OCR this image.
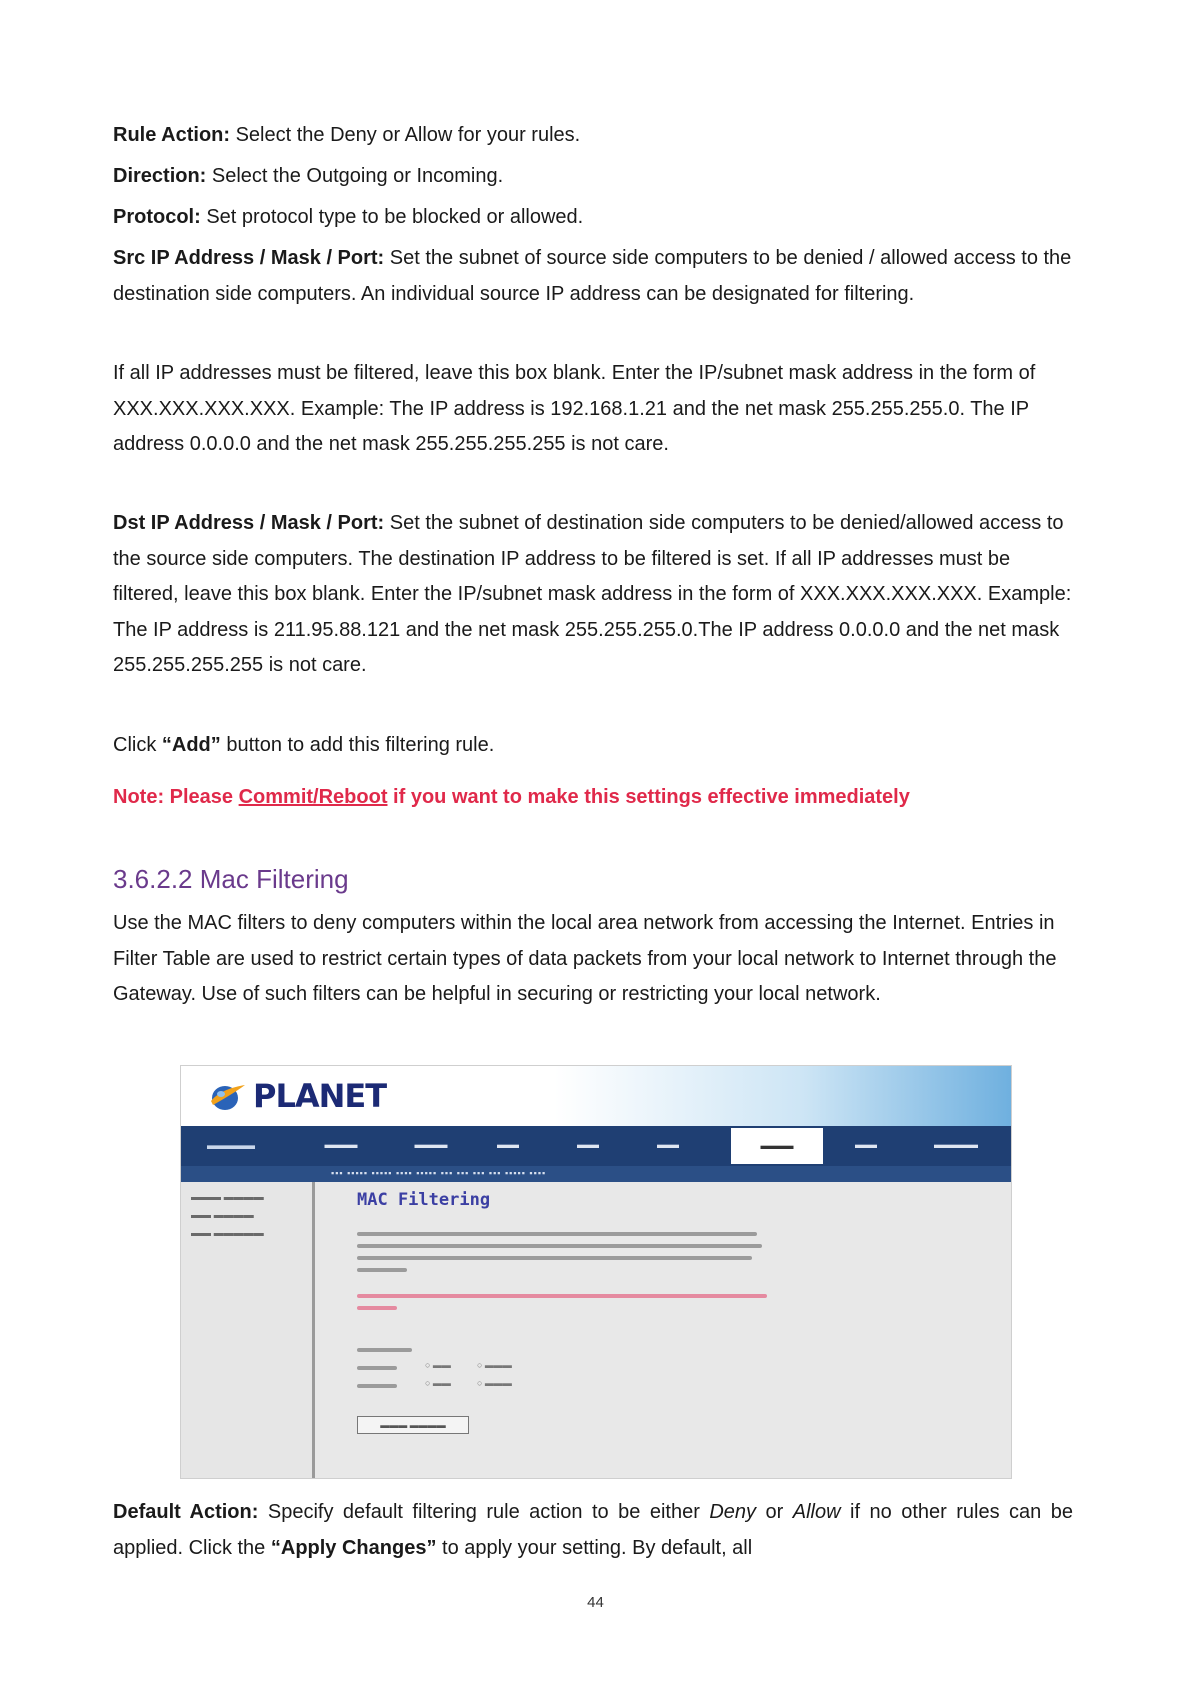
Rule Action: Select the Deny or Allow for your rules.

Direction: Select the Outgoing or Incoming.

Protocol: Set protocol type to be blocked or allowed.

Src IP Address / Mask / Port: Set the subnet of source side computers to be denied / allowed access to the destination side computers. An individual source IP address can be designated for filtering.

If all IP addresses must be filtered, leave this box blank. Enter the IP/subnet mask address in the form of XXX.XXX.XXX.XXX. Example: The IP address is 192.168.1.21 and the net mask 255.255.255.0. The IP address 0.0.0.0 and the net mask 255.255.255.255 is not care.

Dst IP Address / Mask / Port: Set the subnet of destination side computers to be denied/allowed access to the source side computers. The destination IP address to be filtered is set. If all IP addresses must be filtered, leave this box blank. Enter the IP/subnet mask address in the form of XXX.XXX.XXX.XXX. Example: The IP address is 211.95.88.121 and the net mask 255.255.255.0.The IP address 0.0.0.0 and the net mask 255.255.255.255 is not care.

Click “Add” button to add this filtering rule.

Note: Please Commit/Reboot if you want to make this settings effective immediately

3.6.2.2 Mac Filtering

Use the MAC filters to deny computers within the local area network from accessing the Internet. Entries in Filter Table are used to restrict certain types of data packets from your local network to Internet through the Gateway. Use of such filters can be helpful in securing or restricting your local network.

PLANET
▬▬▬▬	▬▬▬	▬▬▬	▬▬	▬▬	▬▬	▬▬▬	▬▬	▬▬▬▬
▪▪▪ ▪▪▪▪▪ ▪▪▪▪▪ ▪▪▪▪ ▪▪▪▪▪ ▪▪▪ ▪▪▪ ▪▪▪ ▪▪▪ ▪▪▪▪▪ ▪▪▪▪
▬▬▬ ▬▬▬▬
▬▬ ▬▬▬▬
▬▬ ▬▬▬▬▬
MAC Filtering
○ ▬▬	○ ▬▬▬
○ ▬▬	○ ▬▬▬
▬▬▬ ▬▬▬▬

Default Action: Specify default filtering rule action to be either Deny or Allow if no other rules can be applied. Click the “Apply Changes” to apply your setting. By default, all

44
